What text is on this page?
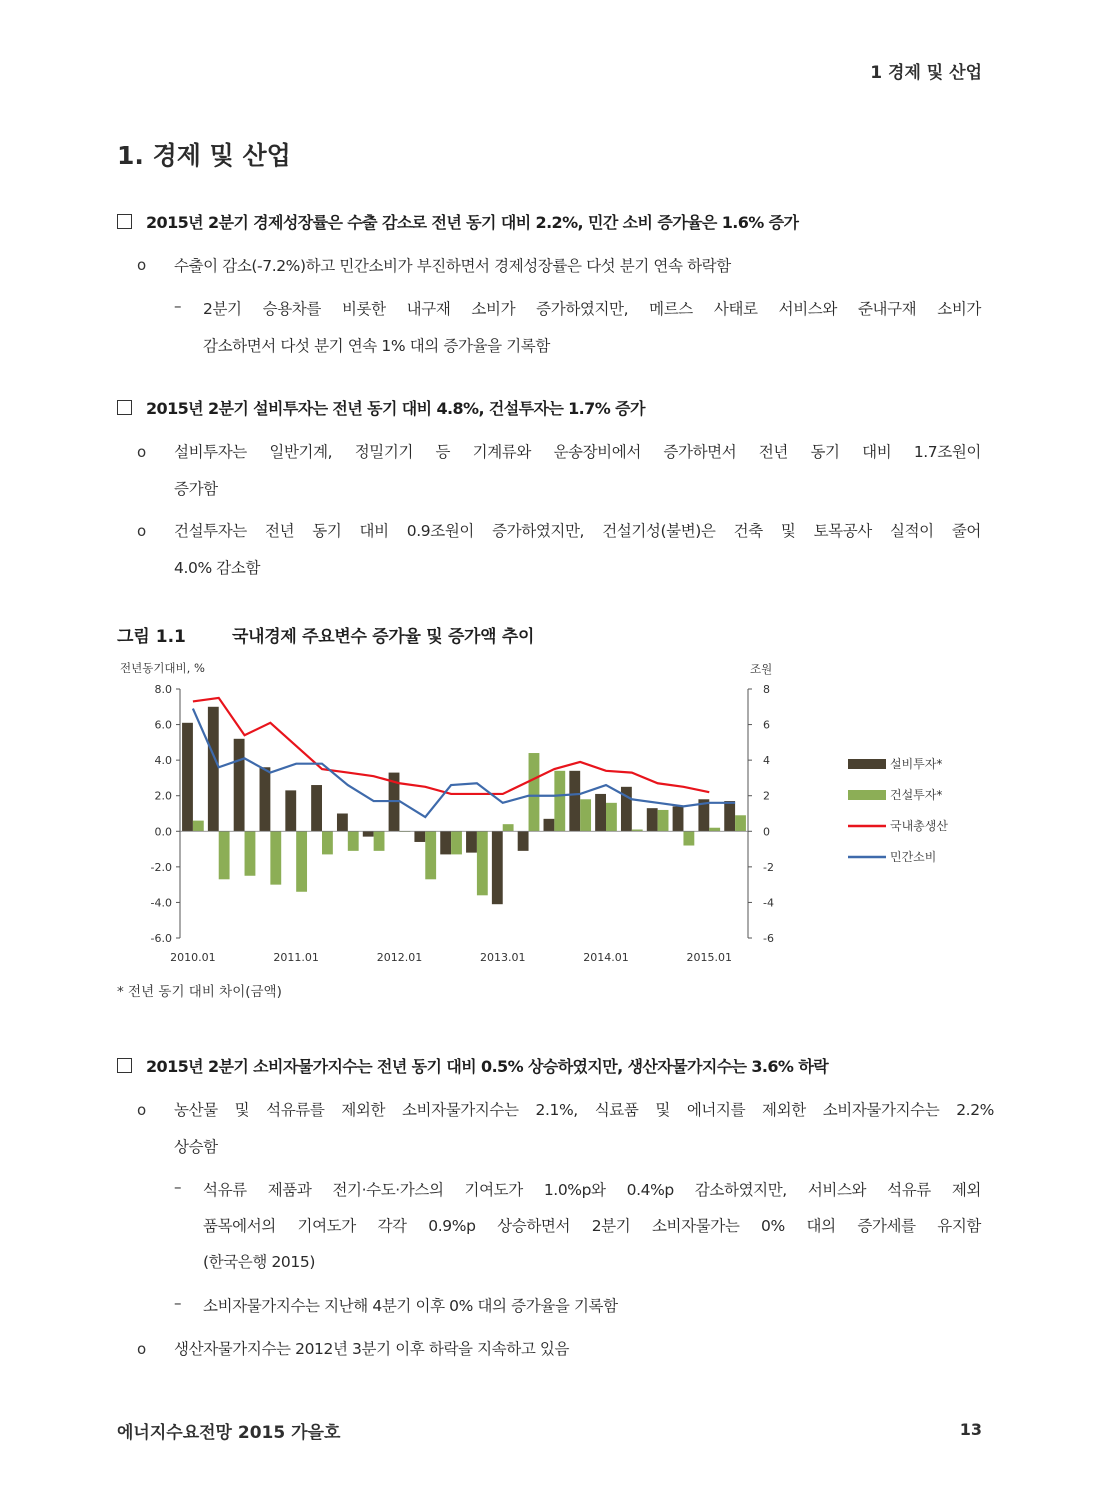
1 경제 및 산업
1. 경제 및 산업
2015년 2분기 경제성장률은 수출 감소로 전년 동기 대비 2.2%, 민간 소비 증가율은 1.6% 증가
o 수출이 감소(-7.2%)하고 민간소비가 부진하면서 경제성장률은 다섯 분기 연속 하락함
– 2분기 승용차를 비롯한 내구재 소비가 증가하였지만, 메르스 사태로 서비스와 준내구재 소비가
감소하면서 다섯 분기 연속 1% 대의 증가율을 기록함
2015년 2분기 설비투자는 전년 동기 대비 4.8%, 건설투자는 1.7% 증가
o 설비투자는 일반기계, 정밀기기 등 기계류와 운송장비에서 증가하면서 전년 동기 대비 1.7조원이
증가함
o 건설투자는 전년 동기 대비 0.9조원이 증가하였지만, 건설기성(불변)은 건축 및 토목공사 실적이 줄어
4.0% 감소함
그림 1.1	국내경제 주요변수 증가율 및 증가액 추이
전년동기대비, %	조원
8.0
6.0
4.0
2.0
0.0
-2.0
-4.0
-6.0
8
6
4
2
0
-2
-4
-6
2010.01	2011.01	2012.01	2013.01	2014.01	2015.01
설비투자*
건설투자*
국내총생산
민간소비
* 전년 동기 대비 차이(금액)
2015년 2분기 소비자물가지수는 전년 동기 대비 0.5% 상승하였지만, 생산자물가지수는 3.6% 하락
o 농산물 및 석유류를 제외한 소비자물가지수는 2.1%, 식료품 및 에너지를 제외한 소비자물가지수는 2.2%
상승함
– 석유류 제품과 전기·수도·가스의 기여도가 1.0%p와 0.4%p 감소하였지만, 서비스와 석유류 제외
품목에서의 기여도가 각각 0.9%p 상승하면서 2분기 소비자물가는 0% 대의 증가세를 유지함
(한국은행 2015)
– 소비자물가지수는 지난해 4분기 이후 0% 대의 증가율을 기록함
o 생산자물가지수는 2012년 3분기 이후 하락을 지속하고 있음
에너지수요전망 2015 가을호	13
